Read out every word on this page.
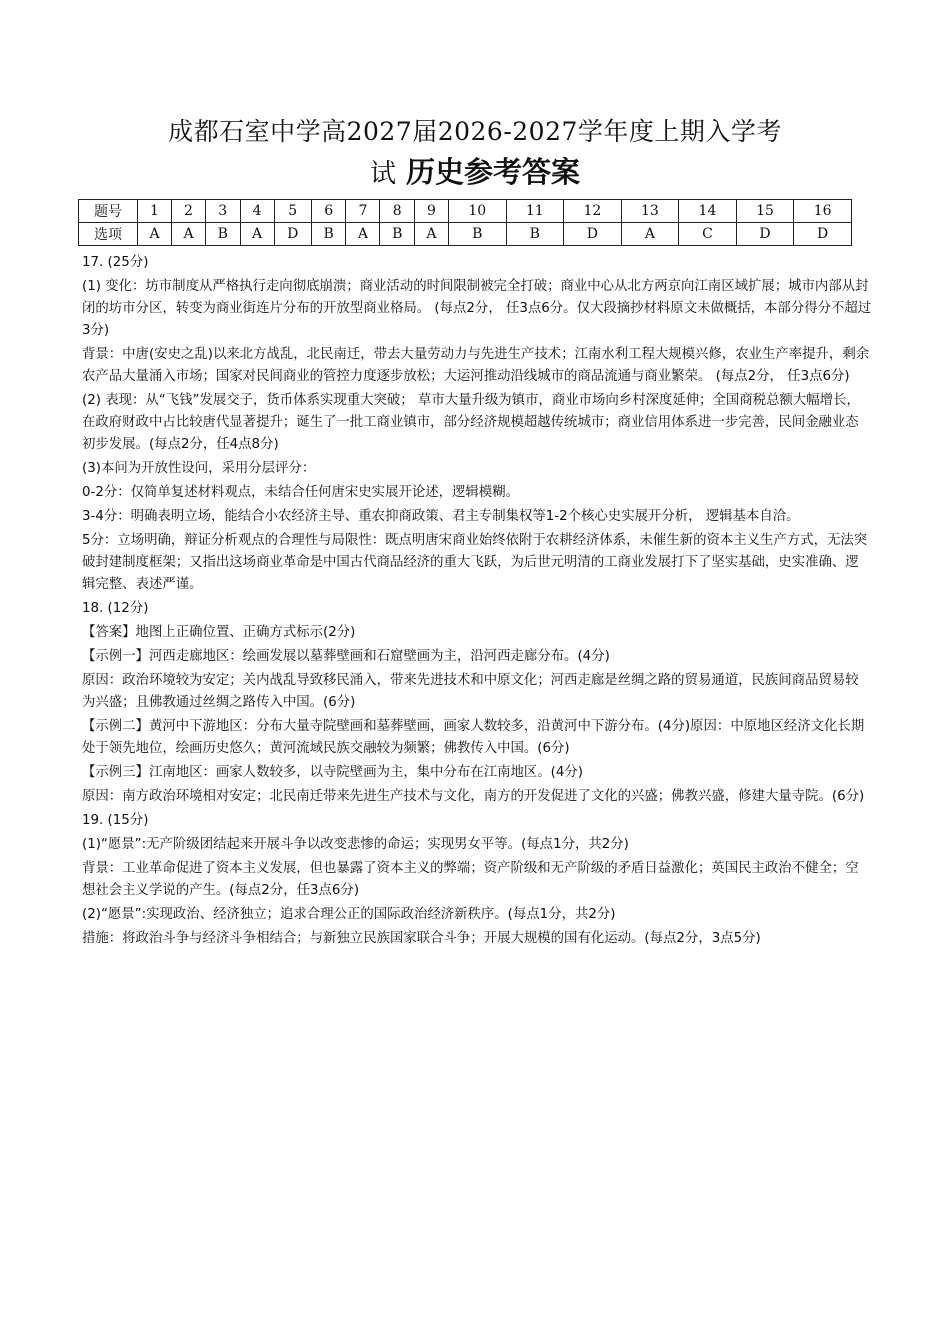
成都石室中学高2027届2026-2027学年度上期入学考
试 历史参考答案
题号	1	2	3	4	5	6	7	8	9	10	11	12	13	14	15	16
选项	A	A	B	A	D	B	A	B	A	B	B	D	A	C	D	D

17. (25分)

(1) 变化：坊市制度从严格执行走向彻底崩溃；商业活动的时间限制被完全打破；商业中心从北方两京向江南区域扩展；城市内部从封闭的坊市分区，转变为商业街连片分布的开放型商业格局。 (每点2分， 任3点6分。仅大段摘抄材料原文未做概括，本部分得分不超过3分)

背景：中唐(安史之乱)以来北方战乱，北民南迁，带去大量劳动力与先进生产技术；江南水利工程大规模兴修，农业生产率提升，剩余农产品大量涌入市场；国家对民间商业的管控力度逐步放松；大运河推动沿线城市的商品流通与商业繁荣。 (每点2分， 任3点6分)

(2) 表现：从“飞钱”发展交子，货币体系实现重大突破； 草市大量升级为镇市，商业市场向乡村深度延伸；全国商税总额大幅增长，在政府财政中占比较唐代显著提升；诞生了一批工商业镇市，部分经济规模超越传统城市；商业信用体系进一步完善，民间金融业态初步发展。(每点2分，任4点8分)

(3)本问为开放性设问，采用分层评分：

0-2分：仅简单复述材料观点，未结合任何唐宋史实展开论述，逻辑模糊。

3-4分：明确表明立场，能结合小农经济主导、重农抑商政策、君主专制集权等1-2个核心史实展开分析， 逻辑基本自洽。

5分：立场明确，辩证分析观点的合理性与局限性：既点明唐宋商业始终依附于农耕经济体系，未催生新的资本主义生产方式，无法突破封建制度框架；又指出这场商业革命是中国古代商品经济的重大飞跃，为后世元明清的工商业发展打下了坚实基础，史实准确、逻辑完整、表述严谨。

18. (12分)

【答案】地图上正确位置、正确方式标示(2分)

【示例一】河西走廊地区：绘画发展以墓葬壁画和石窟壁画为主，沿河西走廊分布。(4分)

原因：政治环境较为安定；关内战乱导致移民涌入，带来先进技术和中原文化；河西走廊是丝绸之路的贸易通道，民族间商品贸易较为兴盛；且佛教通过丝绸之路传入中国。(6分)

【示例二】黄河中下游地区：分布大量寺院壁画和墓葬壁画，画家人数较多，沿黄河中下游分布。(4分)原因：中原地区经济文化长期处于领先地位，绘画历史悠久；黄河流域民族交融较为频繁；佛教传入中国。(6分)

【示例三】江南地区：画家人数较多，以寺院壁画为主，集中分布在江南地区。(4分)

原因：南方政治环境相对安定；北民南迁带来先进生产技术与文化，南方的开发促进了文化的兴盛；佛教兴盛，修建大量寺院。(6分)

19. (15分)

(1)“愿景”:无产阶级团结起来开展斗争以改变悲惨的命运；实现男女平等。(每点1分，共2分)

背景：工业革命促进了资本主义发展，但也暴露了资本主义的弊端；资产阶级和无产阶级的矛盾日益激化；英国民主政治不健全；空想社会主义学说的产生。(每点2分，任3点6分)

(2)“愿景”:实现政治、经济独立；追求合理公正的国际政治经济新秩序。(每点1分，共2分)

措施：将政治斗争与经济斗争相结合；与新独立民族国家联合斗争；开展大规模的国有化运动。(每点2分，3点5分)
